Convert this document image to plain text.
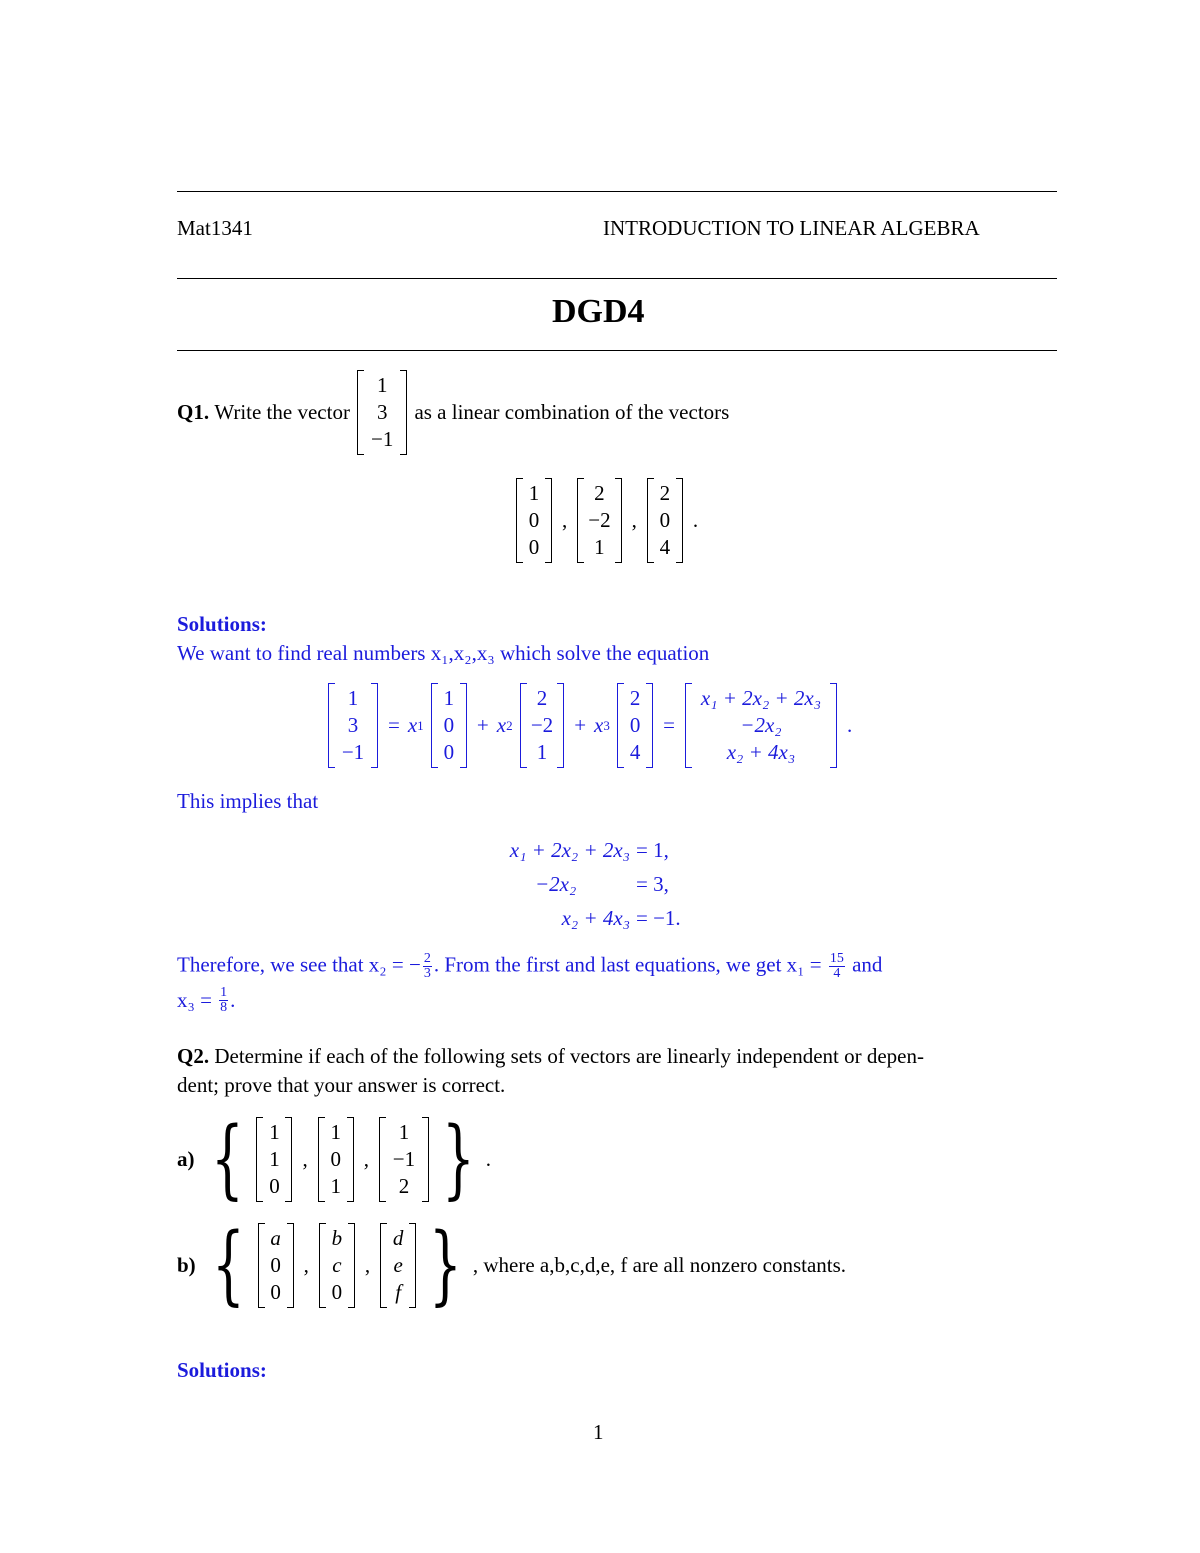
Mat1341	INTRODUCTION TO LINEAR ALGEBRA
DGD4
Q1.
Write the vector

1
3
−1

as a linear combination of the vectors
1
0
0
,
2
−2
1
,
2
0
4
.
Solutions:
We want to find real numbers x₁,x₂,x₃ which solve the equation
1
3
−1
= x 1

1
0
0
+ x 2

2
−2
1
+ x 3

2
0
4
=
x₁ + 2x₂ + 2x₃
−2x₂
x₂ + 4x₃
.
This implies that
x₁ + 2x₂ + 2x₃ = 1,
−2x₂	= 3,
x₂ + 4x₃ = −1.
Therefore, we see that x₂ = − $\frac{2}{3}$ . From the first and last equations, we get $x_1 = \frac{15}{4}$ and
x₃ =
$\frac{1}{8}$ .
Q2. Determine if each of the following sets of vectors are linearly independent or depen-
dent; prove that your answer is correct.
a)
{ 1
1
0
,
1
0
1
,
1
−1
2 } .
b)
{ a
0
0
,
b
c
0
,
d
e
f } , where a,b,c,d,e, f are all nonzero constants.
Solutions:
1
